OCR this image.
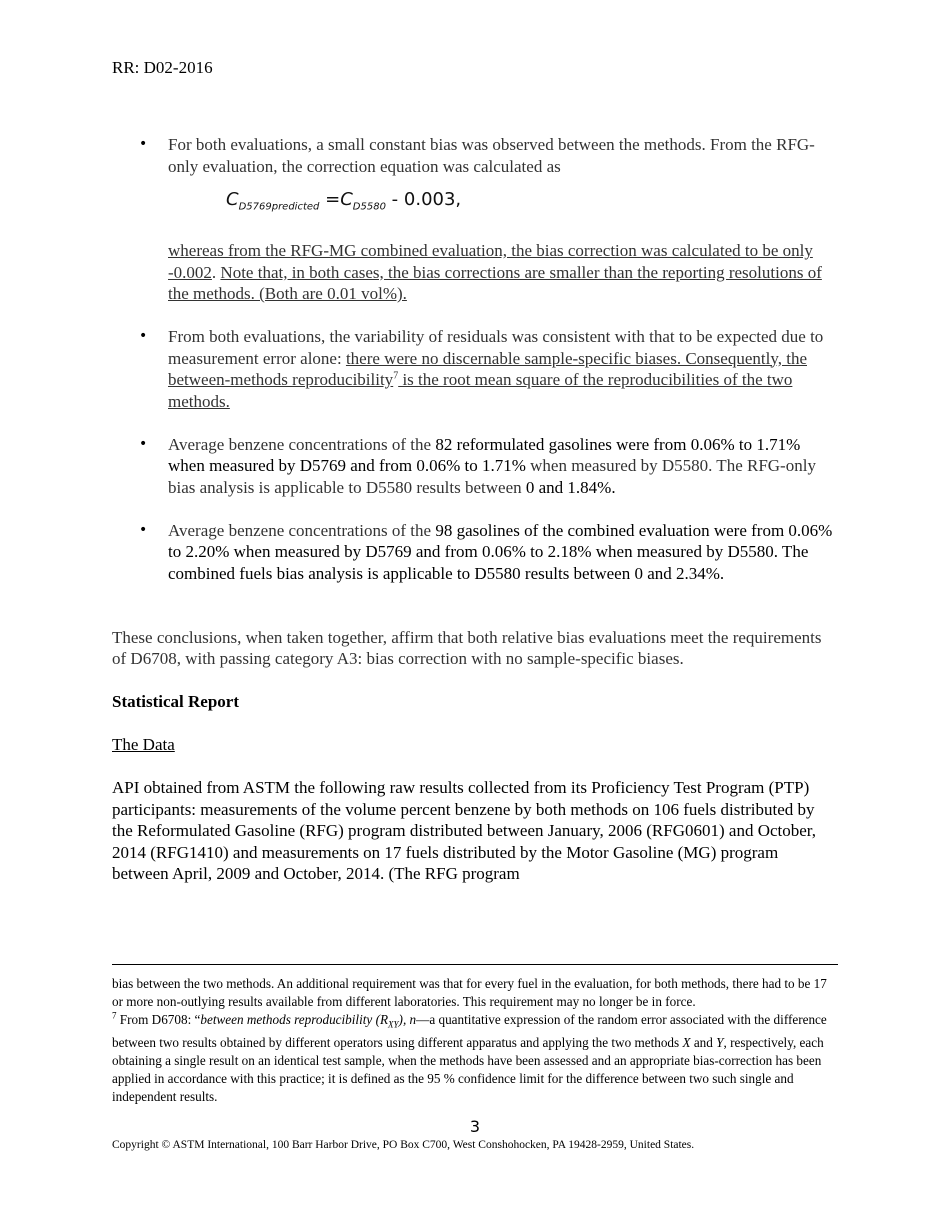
RR: D02-2016
• For both evaluations, a small constant bias was observed between the methods. From the RFG-only evaluation, the correction equation was calculated as
$C_{D5769predicted} =C_{D5580} - 0.003$,
whereas from the RFG-MG combined evaluation, the bias correction was calculated to be only -0.002. Note that, in both cases, the bias corrections are smaller than the reporting resolutions of the methods. (Both are 0.01 vol%).
• From both evaluations, the variability of residuals was consistent with that to be expected due to measurement error alone: there were no discernable sample-specific biases. Consequently, the between-methods reproducibility$^7$ is the root mean square of the reproducibilities of the two methods.
• Average benzene concentrations of the 82 reformulated gasolines were from 0.06% to 1.71% when measured by D5769 and from 0.06% to 1.71% when measured by D5580. The RFG-only bias analysis is applicable to D5580 results between 0 and 1.84%.
• Average benzene concentrations of the 98 gasolines of the combined evaluation were from 0.06% to 2.20% when measured by D5769 and from 0.06% to 2.18% when measured by D5580. The combined fuels bias analysis is applicable to D5580 results between 0 and 2.34%.

These conclusions, when taken together, affirm that both relative bias evaluations meet the requirements of D6708, with passing category A3: bias correction with no sample-specific biases.

Statistical Report

The Data

API obtained from ASTM the following raw results collected from its Proficiency Test Program (PTP) participants: measurements of the volume percent benzene by both methods on 106 fuels distributed by the Reformulated Gasoline (RFG) program distributed between January, 2006 (RFG0601) and October, 2014 (RFG1410) and measurements on 17 fuels distributed by the Motor Gasoline (MG) program between April, 2009 and October, 2014. (The RFG program

bias between the two methods. An additional requirement was that for every fuel in the evaluation, for both methods, there had to be 17 or more non-outlying results available from different laboratories. This requirement may no longer be in force.

$^7$ From D6708: “between methods reproducibility $(R_{XY})$, n—a quantitative expression of the random error associated with the difference between two results obtained by different operators using different apparatus and applying the two methods X and Y, respectively, each obtaining a single result on an identical test sample, when the methods have been assessed and an appropriate bias-correction has been applied in accordance with this practice; it is defined as the 95 % confidence limit for the difference between two such single and independent results.

3
Copyright © ASTM International, 100 Barr Harbor Drive, PO Box C700, West Conshohocken, PA 19428-2959, United States.
